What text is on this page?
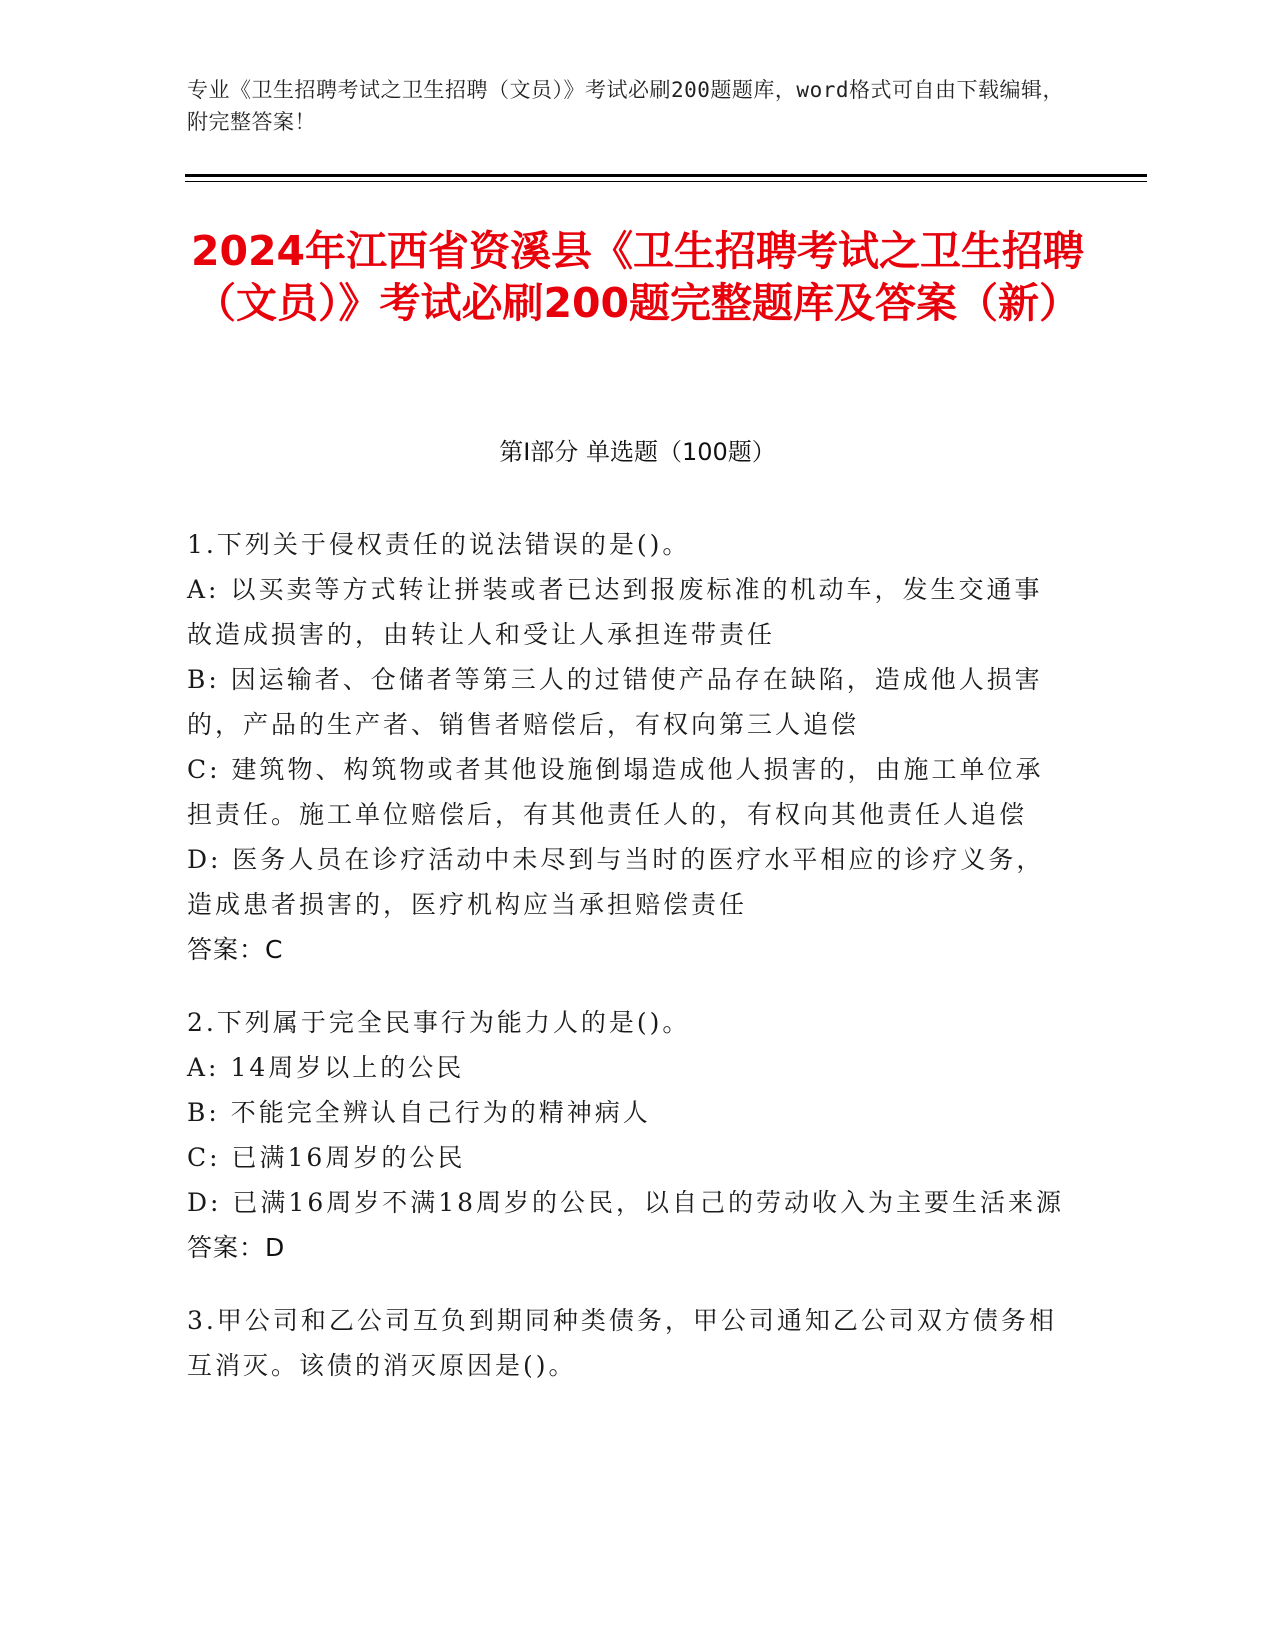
专业《卫生招聘考试之卫生招聘（文员）》考试必刷200题题库，word格式可自由下载编辑，附完整答案！
2024年江西省资溪县《卫生招聘考试之卫生招聘（文员）》考试必刷200题完整题库及答案（新）
第I部分 单选题（100题）
1.下列关于侵权责任的说法错误的是()。
A: 以买卖等方式转让拼装或者已达到报废标准的机动车，发生交通事故造成损害的，由转让人和受让人承担连带责任
B: 因运输者、仓储者等第三人的过错使产品存在缺陷，造成他人损害的，产品的生产者、销售者赔偿后，有权向第三人追偿
C: 建筑物、构筑物或者其他设施倒塌造成他人损害的，由施工单位承担责任。施工单位赔偿后，有其他责任人的，有权向其他责任人追偿
D: 医务人员在诊疗活动中未尽到与当时的医疗水平相应的诊疗义务，造成患者损害的，医疗机构应当承担赔偿责任
答案：C
2.下列属于完全民事行为能力人的是()。
A: 14周岁以上的公民
B: 不能完全辨认自己行为的精神病人
C: 已满16周岁的公民
D: 已满16周岁不满18周岁的公民，以自己的劳动收入为主要生活来源
答案：D
3.甲公司和乙公司互负到期同种类债务，甲公司通知乙公司双方债务相互消灭。该债的消灭原因是()。
